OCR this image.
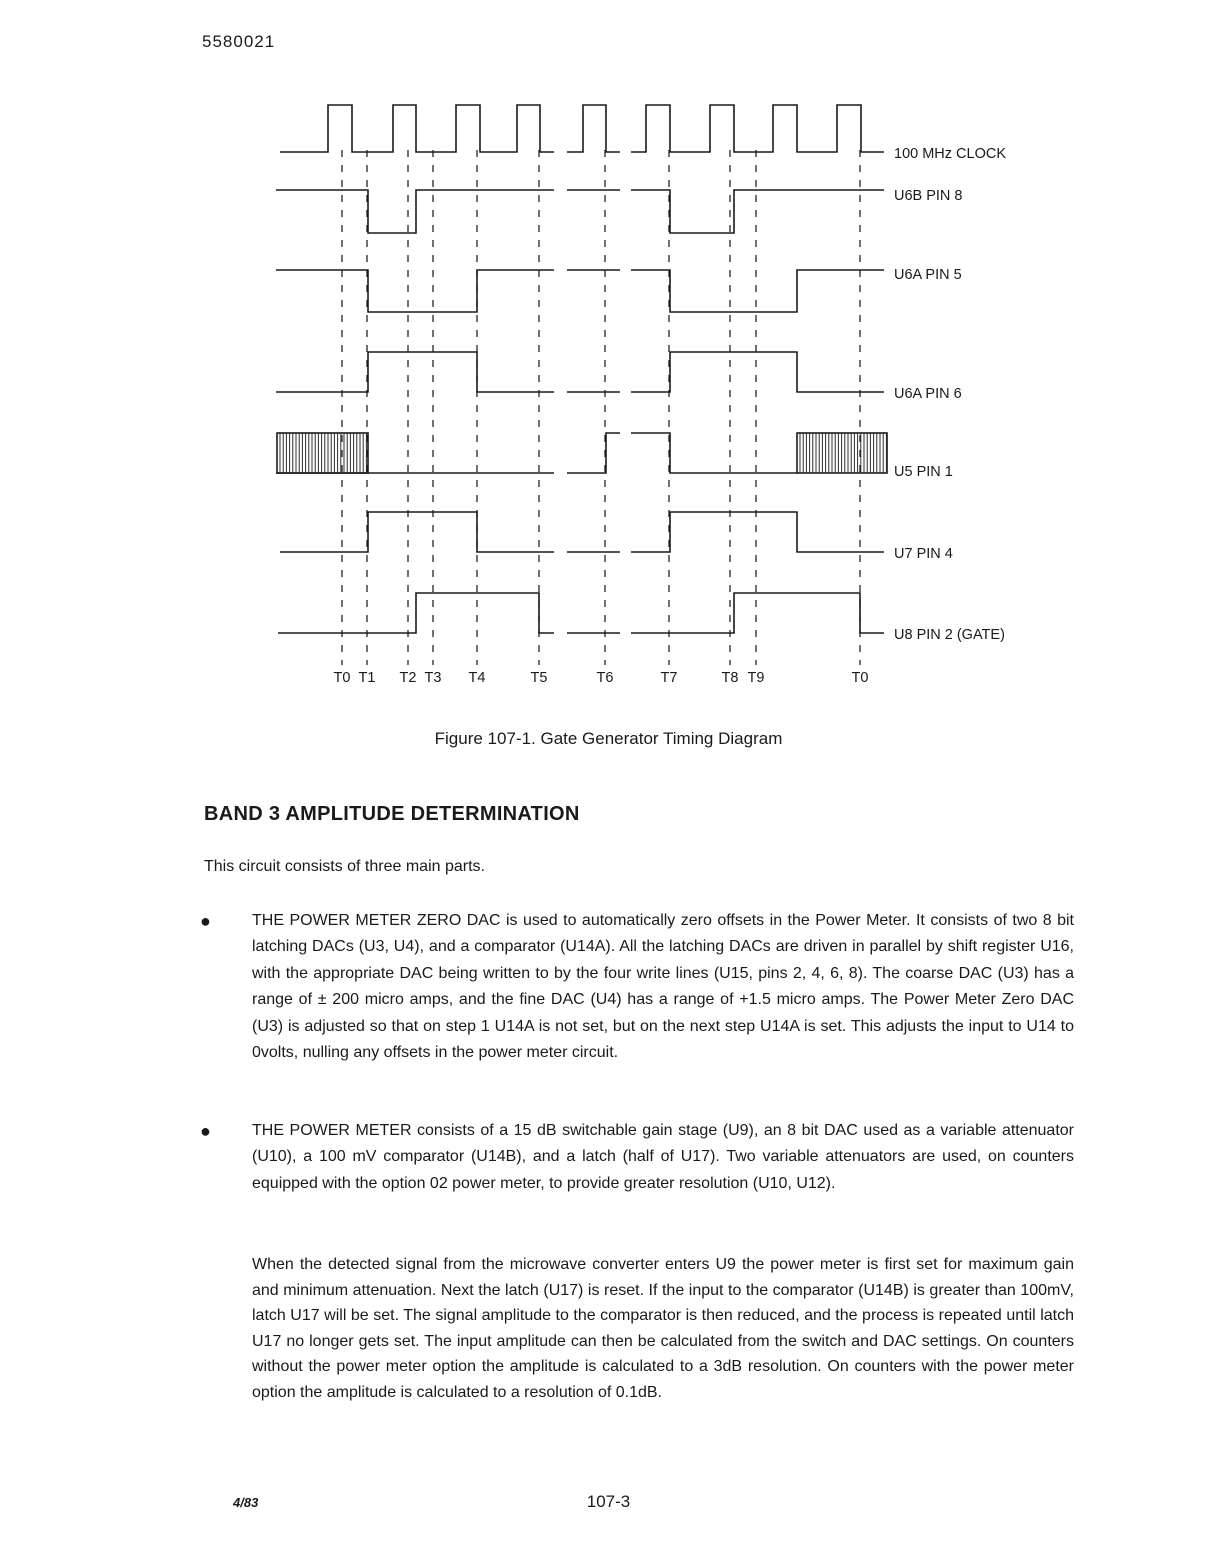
5580021
100 MHz CLOCK
U6B PIN 8
U6A PIN 5
U6A PIN 6
U5 PIN 1
U7 PIN 4
U8 PIN 2 (GATE)
T0 T1 T2 T3 T4	T5	T6	T7	T8 T9	T0
Figure 107-1. Gate Generator Timing Diagram
BAND 3 AMPLITUDE DETERMINATION

This circuit consists of three main parts.

●	THE POWER METER ZERO DAC is used to automatically zero offsets in the Power Meter. It consists of two 8 bit latching DACs (U3, U4), and a comparator (U14A). All the latching DACs are driven in parallel by shift register U16, with the appropriate DAC being written to by the four write lines (U15, pins 2, 4, 6, 8). The coarse DAC (U3) has a range of ± 200 micro amps, and the fine DAC (U4) has a range of +1.5 micro amps. The Power Meter Zero DAC (U3) is adjusted so that on step 1 U14A is not set, but on the next step U14A is set. This adjusts the input to U14 to 0volts, nulling any offsets in the power meter circuit.

●	THE POWER METER consists of a 15 dB switchable gain stage (U9), an 8 bit DAC used as a variable attenuator (U10), a 100 mV comparator (U14B), and a latch (half of U17). Two variable attenuators are used, on counters equipped with the option 02 power meter, to provide greater resolution (U10, U12).

When the detected signal from the microwave converter enters U9 the power meter is first set for maximum gain and minimum attenuation. Next the latch (U17) is reset. If the input to the comparator (U14B) is greater than 100mV, latch U17 will be set. The signal amplitude to the comparator is then reduced, and the process is repeated until latch U17 no longer gets set. The input amplitude can then be calculated from the switch and DAC settings. On counters without the power meter option the amplitude is calculated to a 3dB resolution. On counters with the power meter option the amplitude is calculated to a resolution of 0.1dB.

4/83	107-3
